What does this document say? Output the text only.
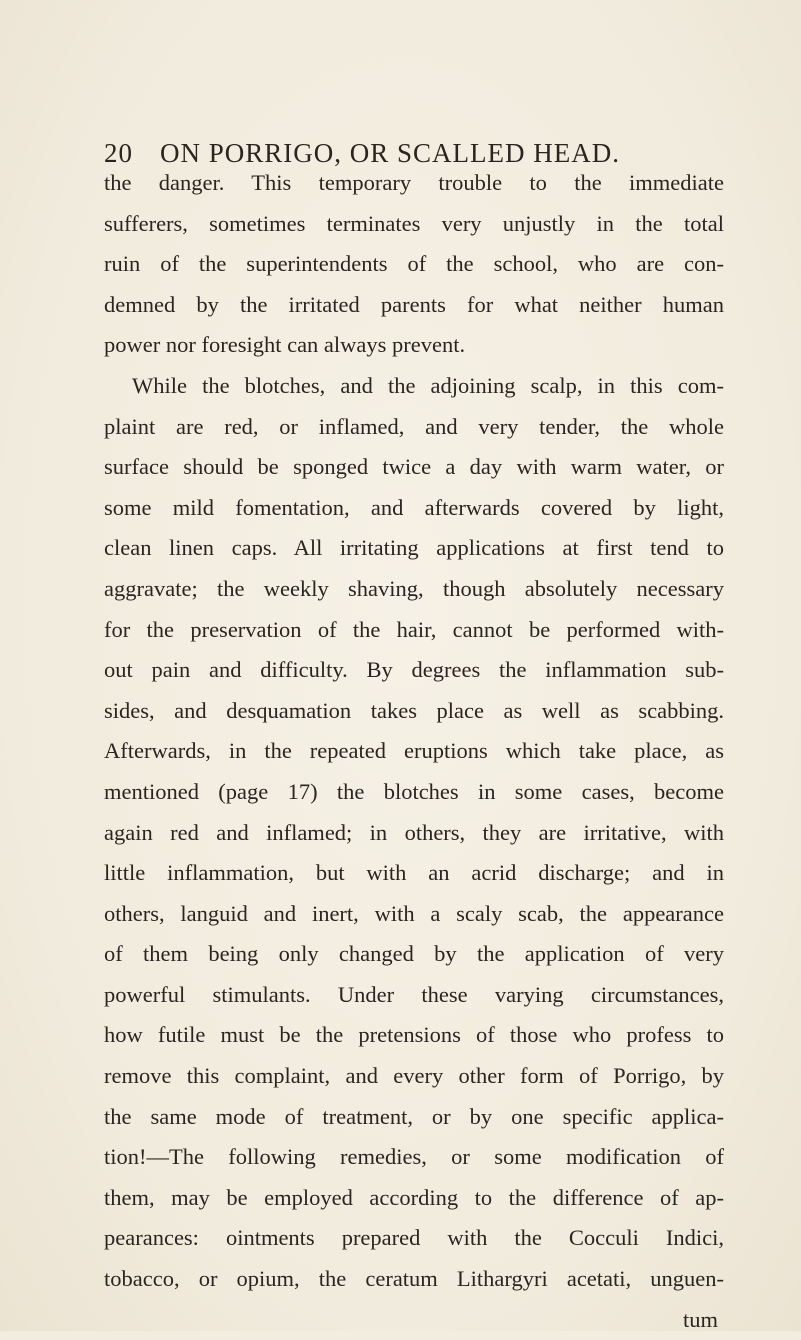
20 ON PORRIGO, OR SCALLED HEAD.
the danger. This temporary trouble to the immediate
sufferers, sometimes terminates very unjustly in the total
ruin of the superintendents of the school, who are con-
demned by the irritated parents for what neither human
power nor foresight can always prevent.
While the blotches, and the adjoining scalp, in this com-
plaint are red, or inflamed, and very tender, the whole
surface should be sponged twice a day with warm water, or
some mild fomentation, and afterwards covered by light,
clean linen caps. All irritating applications at first tend to
aggravate; the weekly shaving, though absolutely necessary
for the preservation of the hair, cannot be performed with-
out pain and difficulty. By degrees the inflammation sub-
sides, and desquamation takes place as well as scabbing.
Afterwards, in the repeated eruptions which take place, as
mentioned (page 17) the blotches in some cases, become
again red and inflamed; in others, they are irritative, with
little inflammation, but with an acrid discharge; and in
others, languid and inert, with a scaly scab, the appearance
of them being only changed by the application of very
powerful stimulants. Under these varying circumstances,
how futile must be the pretensions of those who profess to
remove this complaint, and every other form of Porrigo, by
the same mode of treatment, or by one specific applica-
tion!—The following remedies, or some modification of
them, may be employed according to the difference of ap-
pearances: ointments prepared with the Cocculi Indici,
tobacco, or opium, the ceratum Lithargyri acetati, unguen-
tum
